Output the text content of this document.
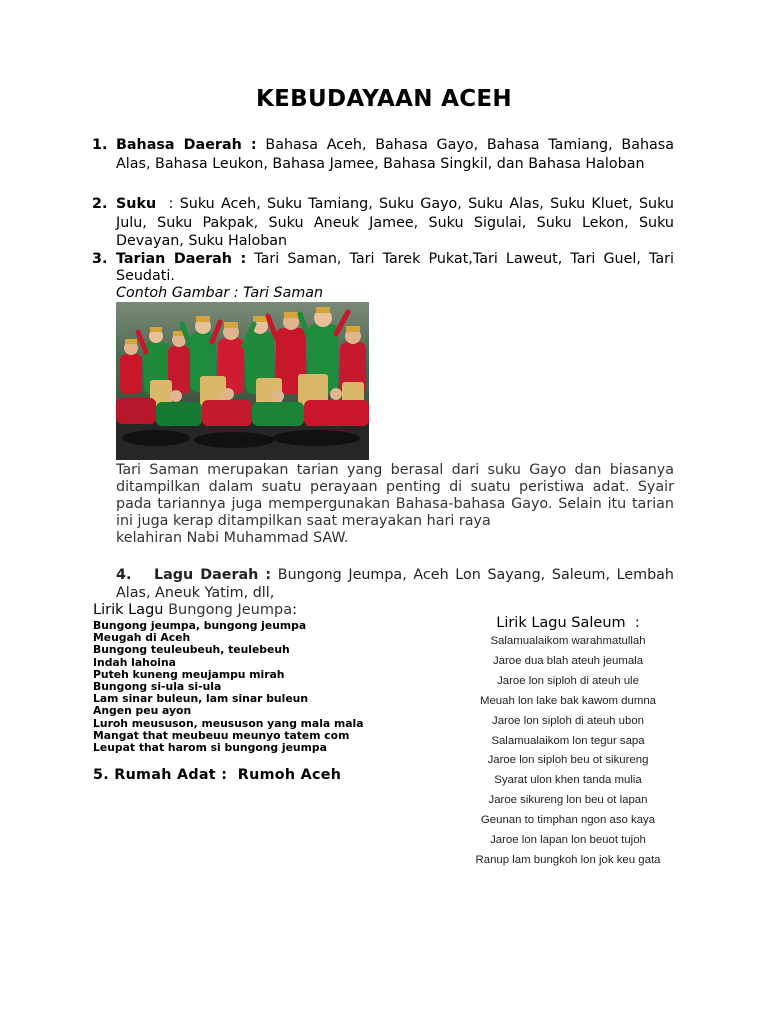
KEBUDAYAAN ACEH
1. Bahasa Daerah : Bahasa Aceh, Bahasa Gayo, Bahasa Tamiang, Bahasa Alas, Bahasa Leukon, Bahasa Jamee, Bahasa Singkil, dan Bahasa Haloban
2. Suku  : Suku Aceh, Suku Tamiang, Suku Gayo, Suku Alas, Suku Kluet, Suku Julu, Suku Pakpak, Suku Aneuk Jamee, Suku Sigulai, Suku Lekon, Suku Devayan, Suku Haloban
3. Tarian Daerah : Tari Saman, Tari Tarek Pukat,Tari Laweut, Tari Guel, Tari Seudati.
Contoh Gambar : Tari Saman
Tari Saman merupakan tarian yang berasal dari suku Gayo dan biasanya ditampilkan dalam suatu perayaan penting di suatu peristiwa adat. Syair pada tariannya juga mempergunakan Bahasa-bahasa Gayo. Selain itu tarian ini juga kerap ditampilkan saat merayakan hari raya
kelahiran Nabi Muhammad SAW.
4. Lagu Daerah : Bungong Jeumpa, Aceh Lon Sayang, Saleum, Lembah Alas, Aneuk Yatim, dll,
Lirik Lagu Bungong Jeumpa:
Bungong jeumpa, bungong jeumpa
Meugah di Aceh
Bungong teuleubeuh, teulebeuh
Indah lahoina
Puteh kuneng meujampu mirah
Bungong si-ula si-ula
Lam sinar buleun, lam sinar buleun
Angen peu ayon
Luroh meususon, meususon yang mala mala
Mangat that meubeuu meunyo tatem com
Leupat that harom si bungong jeumpa
5. Rumah Adat :  Rumoh Aceh
Lirik Lagu Saleum  :
Salamualaikom warahmatullah
Jaroe dua blah ateuh jeumala
Jaroe lon siploh di ateuh ule
Meuah lon lake bak kawom dumna
Jaroe lon siploh di ateuh ubon
Salamualaikom lon tegur sapa
Jaroe lon siploh beu ot sikureng
Syarat ulon khen tanda mulia
Jaroe sikureng lon beu ot lapan
Geunan to timphan ngon aso kaya
Jaroe lon lapan lon beuot tujoh
Ranup lam bungkoh lon jok keu gata
